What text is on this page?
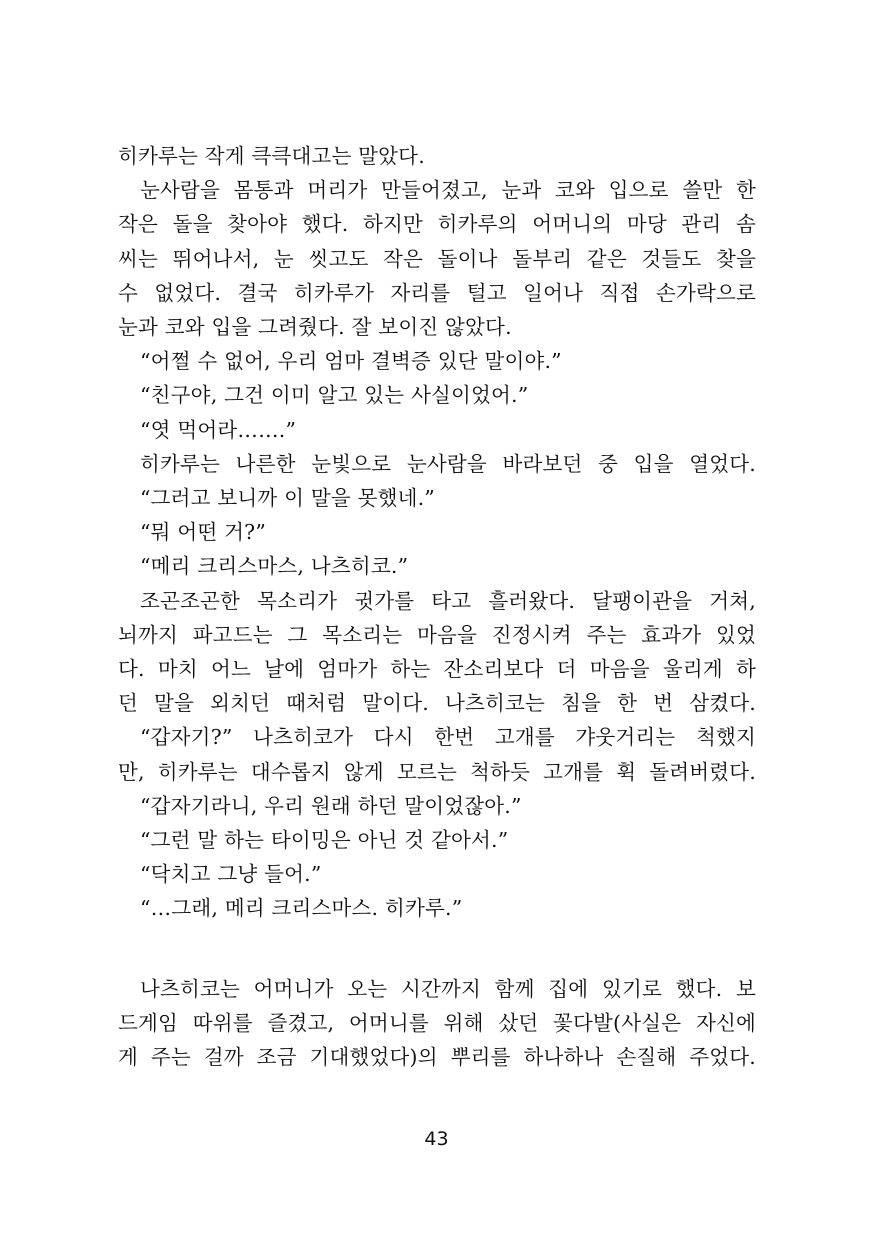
히카루는 작게 큭큭대고는 말았다.
눈사람을 몸통과 머리가 만들어졌고, 눈과 코와 입으로 쓸만 한
작은 돌을 찾아야 했다. 하지만 히카루의 어머니의 마당 관리 솜
씨는 뛰어나서, 눈 씻고도 작은 돌이나 돌부리 같은 것들도 찾을
수 없었다. 결국 히카루가 자리를 털고 일어나 직접 손가락으로
눈과 코와 입을 그려줬다. 잘 보이진 않았다.
“어쩔 수 없어, 우리 엄마 결벽증 있단 말이야.”
“친구야, 그건 이미 알고 있는 사실이었어.”
“엿 먹어라…….”
히카루는 나른한 눈빛으로 눈사람을 바라보던 중 입을 열었다.
“그러고 보니까 이 말을 못했네.”
“뭐 어떤 거?”
“메리 크리스마스, 나츠히코.”
조곤조곤한 목소리가 귓가를 타고 흘러왔다. 달팽이관을 거쳐,
뇌까지 파고드는 그 목소리는 마음을 진정시켜 주는 효과가 있었
다. 마치 어느 날에 엄마가 하는 잔소리보다 더 마음을 울리게 하
던 말을 외치던 때처럼 말이다. 나츠히코는 침을 한 번 삼켰다.
“갑자기?” 나츠히코가 다시 한번 고개를 갸웃거리는 척했지
만, 히카루는 대수롭지 않게 모르는 척하듯 고개를 휙 돌려버렸다.
“갑자기라니, 우리 원래 하던 말이었잖아.”
“그런 말 하는 타이밍은 아닌 것 같아서.”
“닥치고 그냥 들어.”
“…그래, 메리 크리스마스. 히카루.”
나츠히코는 어머니가 오는 시간까지 함께 집에 있기로 했다. 보
드게임 따위를 즐겼고, 어머니를 위해 샀던 꽃다발(사실은 자신에
게 주는 걸까 조금 기대했었다)의 뿌리를 하나하나 손질해 주었다.
43
